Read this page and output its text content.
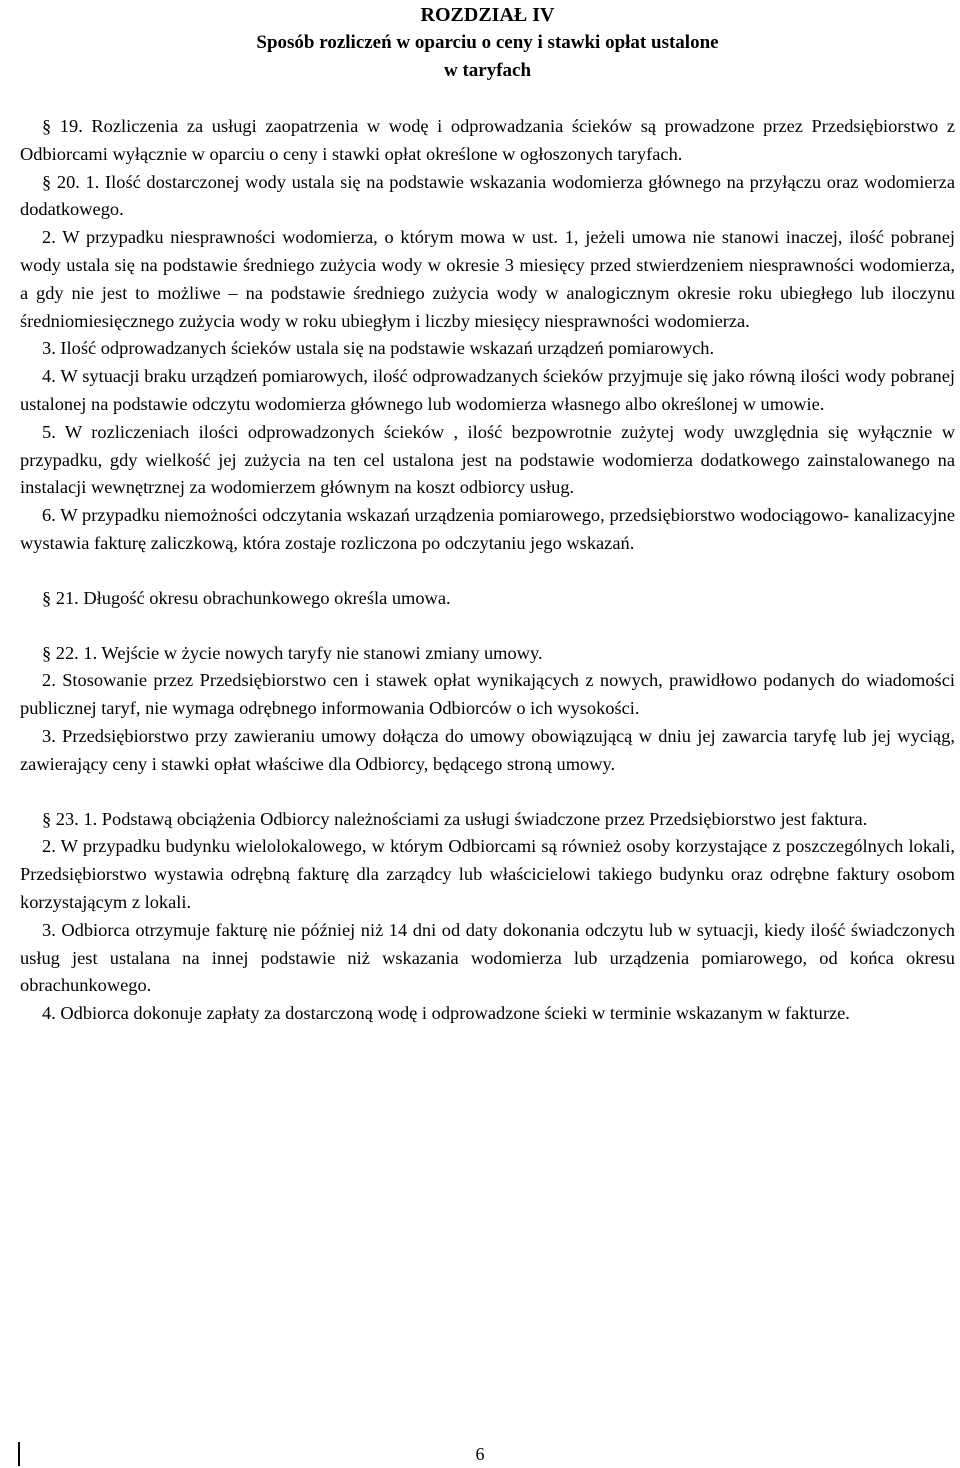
ROZDZIAŁ IV
Sposób rozliczeń w oparciu o ceny i stawki opłat ustalone
w taryfach

§ 19. Rozliczenia za usługi zaopatrzenia w wodę i odprowadzania ścieków są prowadzone przez Przedsiębiorstwo z Odbiorcami wyłącznie w oparciu o ceny i stawki opłat określone w ogłoszonych taryfach.

§ 20. 1. Ilość dostarczonej wody ustala się na podstawie wskazania wodomierza głównego na przyłączu oraz wodomierza dodatkowego.

2. W przypadku niesprawności wodomierza, o którym mowa w ust. 1, jeżeli umowa nie stanowi inaczej, ilość pobranej wody ustala się na podstawie średniego zużycia wody w okresie 3 miesięcy przed stwierdzeniem niesprawności wodomierza, a gdy nie jest to możliwe – na podstawie średniego zużycia wody w analogicznym okresie roku ubiegłego lub iloczynu średniomiesięcznego zużycia wody w roku ubiegłym i liczby miesięcy niesprawności wodomierza.

3. Ilość odprowadzanych ścieków ustala się na podstawie wskazań urządzeń pomiarowych.

4. W sytuacji braku urządzeń pomiarowych, ilość odprowadzanych ścieków przyjmuje się jako równą ilości wody pobranej ustalonej na podstawie odczytu wodomierza głównego lub wodomierza własnego albo określonej w umowie.

5. W rozliczeniach ilości odprowadzonych ścieków , ilość bezpowrotnie zużytej wody uwzględnia się wyłącznie w przypadku, gdy wielkość jej zużycia na ten cel ustalona jest na podstawie wodomierza dodatkowego zainstalowanego na instalacji wewnętrznej za wodomierzem głównym na koszt odbiorcy usług.

6. W przypadku niemożności odczytania wskazań urządzenia pomiarowego, przedsiębiorstwo wodociągowo- kanalizacyjne wystawia fakturę zaliczkową, która zostaje rozliczona po odczytaniu jego wskazań.

§ 21. Długość okresu obrachunkowego określa umowa.

§ 22. 1. Wejście w życie nowych taryfy nie stanowi zmiany umowy.

2. Stosowanie przez Przedsiębiorstwo cen i stawek opłat wynikających z nowych, prawidłowo podanych do wiadomości publicznej taryf, nie wymaga odrębnego informowania Odbiorców o ich wysokości.

3. Przedsiębiorstwo przy zawieraniu umowy dołącza do umowy obowiązującą w dniu jej zawarcia taryfę lub jej wyciąg, zawierający ceny i stawki opłat właściwe dla Odbiorcy, będącego stroną umowy.

§ 23. 1. Podstawą obciążenia Odbiorcy należnościami za usługi świadczone przez Przedsiębiorstwo jest faktura.

2. W przypadku budynku wielolokalowego, w którym Odbiorcami są również osoby korzystające z poszczególnych lokali, Przedsiębiorstwo wystawia odrębną fakturę dla zarządcy lub właścicielowi takiego budynku oraz odrębne faktury osobom korzystającym z lokali.

3. Odbiorca otrzymuje fakturę nie później niż 14 dni od daty dokonania odczytu lub w sytuacji, kiedy ilość świadczonych usług jest ustalana na innej podstawie niż wskazania wodomierza lub urządzenia pomiarowego, od końca okresu obrachunkowego.

4. Odbiorca dokonuje zapłaty za dostarczoną wodę i odprowadzone ścieki w terminie wskazanym w fakturze.

6
